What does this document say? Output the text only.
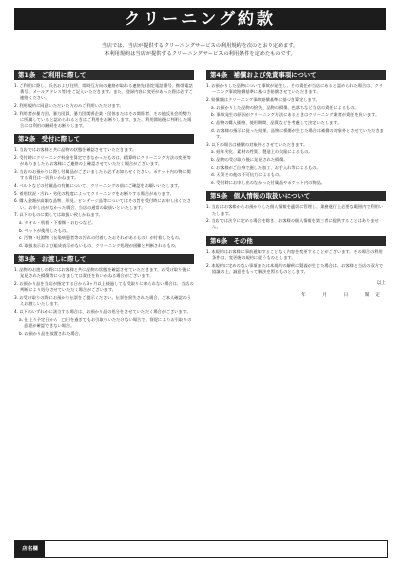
クリーニング約款
当店では、当店が提供するクリーニングサービスの利用規約を次のとおり定めます。
本利用規約は当店が提供するクリーニングサービスの利用条件を定めたものです。
第1条　ご利用に際して
1. ご利用に際し、氏名および住所、常時互方向の連絡が取れる連絡先(固定電話番号、携帯電話番号、メールアドレス等)をご記入いただきます。また、登録内容に変更があった際は必ずご連絡ください。
2. 利用規約に同意いただいた方のみご利用いただけます。
3. 利用者が暴力団、暴力団員、暴力団関係企業・団体またはその関係者、その他反社会的勢力に所属していると認められるときはご利用をお断りします。また、利用開始後に判明した場合には利用の継続をお断りします。
第2条　受付に際して
1. 当店ではお客様と共に品物の状態を確認させていただきます。
2. 受付時にクリーニング料金を算定できなかったものは、精算時にクリーニング方法の変更等がありましたらお客様にご連絡の上確認させていただく場合がございます。
3. 当店のお預かりに際し付属品がございましたら必ずお知らせください。ポケット内の物に関する責任は一切負いかねます。
4. ベルトなどの付属品の有無について、クリーニングの前にご確認をお願いいたします。
5. 着用状況・汚れ・劣化の程度によってクリーニングをお断りする場合があります。
6. 購入金額が高額な品物、形見、ビンテージ品等についてはその旨を受付時にお申し出ください。お申し出がなかった場合、当店の通常の取扱いといたします。
7. 以下のものに関しては取扱い致しかねます。
a. タオル・肌着・下着類・おむつなど。
b. ペットが使用したもの。
c. 汚物・吐瀉物（伝染病患者等の汚れの付着したおそれがあるもの）が付着したもの。
d. 取扱表示および組成表示がないもの、クリーニング処理が困難と判断されるもの。
第3条　お渡しに際して
1. 品物のお渡しの際にはお客様と共に品物の状態を確認させていただきます。お受け取り後に発見された損傷等につきましては責任を負いかねる場合がございます。
2. お預かり品を当店が指定する日から3ヶ月以上経過しても受取りに来られない場合は、当店の判断により処分させていただく場合がございます。
3. お受け取りの際にお預かり伝票をご提示ください。伝票を紛失された場合、ご本人確認のうえお渡しいたします。
4. 以下のいずれかに該当する場合は、お預かり品の処分をさせていただく場合がございます。
a. 仕上り予定日から　□日を過ぎてもお引取りいただけない場合で、督促によりお引取りの意思が確認できない場合。
b. お預かり品を放置された場合。
第4条　補償および免責事項について
1. お預かりした品物について事故が発生し、その責任が当店にあると認められた場合は、クリーニング事故賠償基準に基づき賠償させていただきます。
2. 賠償額はクリーニング事故賠償基準に基づき算定します。
a. お預かりした品物の紛失、品物の損傷、色落ちなど当店の責任によるもの。
b. 事故発生の原因がクリーニング方法にあるときはクリーニング業者が責任を負います。
c. 品物の購入価格、使用期間、品質などを考慮して決定いたします。
d. お客様の指示に従った結果、品物に損傷が生じた場合は補償の対象外とさせていただきます。
3. 以下の場合は補償の対象外とさせていただきます。
a. 経年劣化、素材の性質、製造上の欠陥によるもの。
b. 品物の受け取り後に発見された損傷。
c. お客様がご自身で施した加工、お手入れ等によるもの。
d. 天災その他の不可抗力によるもの。
e. 受付時にお申し出のなかった付属品やポケット内の物品。
第5条　個人情報の取扱いについて
1. 当店はお客様からお預かりした個人情報を適切に管理し、業務遂行上必要な範囲内で利用いたします。
2. 当店では法令に定める場合を除き、お客様の個人情報を第三者に提供することはありません。
第6条　その他
1. 本規約はお客様に事前通知することなく内容を変更することがございます。その場合の利用条件は、変更後の規約に従うものとします。
2. 本規約に定めのない事項または本規約の解釈に疑義が生じた場合は、お客様と当店の双方で協議の上、誠意をもって解決を図るものとします。
以上
年　月　日　制定
店名欄
